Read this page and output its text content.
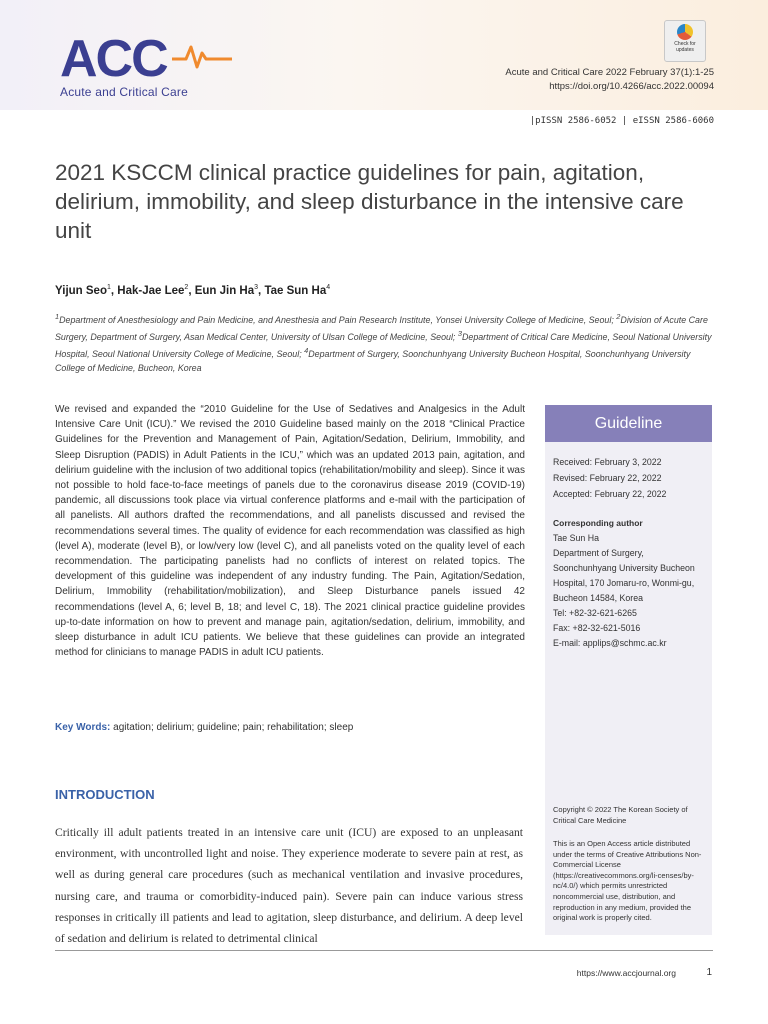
ACC
Acute and Critical Care
Check for updates
Acute and Critical Care 2022 February 37(1):1-25
https://doi.org/10.4266/acc.2022.00094
|pISSN 2586-6052 | eISSN 2586-6060
2021 KSCCM clinical practice guidelines for pain, agitation, delirium, immobility, and sleep disturbance in the intensive care unit
Yijun Seo$^1$, Hak-Jae Lee$^2$, Eun Jin Ha$^3$, Tae Sun Ha$^4$
$^1$Department of Anesthesiology and Pain Medicine, and Anesthesia and Pain Research Institute, Yonsei University College of Medicine, Seoul; $^2$Division of Acute Care Surgery, Department of Surgery, Asan Medical Center, University of Ulsan College of Medicine, Seoul; $^3$Department of Critical Care Medicine, Seoul National University Hospital, Seoul National University College of Medicine, Seoul; $^4$Department of Surgery, Soonchunhyang University Bucheon Hospital, Soonchunhyang University College of Medicine, Bucheon, Korea

We revised and expanded the “2010 Guideline for the Use of Sedatives and Analgesics in the Adult Intensive Care Unit (ICU).” We revised the 2010 Guideline based mainly on the 2018 “Clinical Practice Guidelines for the Prevention and Management of Pain, Agitation/Sedation, Delirium, Immobility, and Sleep Disruption (PADIS) in Adult Patients in the ICU,” which was an updated 2013 pain, agitation, and delirium guideline with the inclusion of two additional topics (rehabilitation/mobility and sleep). Since it was not possible to hold face-to-face meetings of panels due to the coronavirus disease 2019 (COVID-19) pandemic, all discussions took place via virtual conference platforms and e-mail with the participation of all panelists. All authors drafted the recommendations, and all panelists discussed and revised the recommendations several times. The quality of evidence for each recommendation was classified as high (level A), moderate (level B), or low/very low (level C), and all panelists voted on the quality level of each recommendation. The participating panelists had no conflicts of interest on related topics. The development of this guideline was independent of any industry funding. The Pain, Agitation/Sedation, Delirium, Immobility (rehabilitation/mobilization), and Sleep Disturbance panels issued 42 recommendations (level A, 6; level B, 18; and level C, 18). The 2021 clinical practice guideline provides up-to-date information on how to prevent and manage pain, agitation/sedation, delirium, immobility, and sleep disturbance in adult ICU patients. We believe that these guidelines can provide an integrated method for clinicians to manage PADIS in adult ICU patients.

Key Words: agitation; delirium; guideline; pain; rehabilitation; sleep
INTRODUCTION

Critically ill adult patients treated in an intensive care unit (ICU) are exposed to an unpleasant environment, with uncontrolled light and noise. They experience moderate to severe pain at rest, as well as during general care procedures (such as mechanical ventilation and invasive procedures, nursing care, and trauma or comorbidity-induced pain). Severe pain can induce various stress responses in critically ill patients and lead to agitation, sleep disturbance, and delirium. A deep level of sedation and delirium is related to detrimental clinical

Guideline
Received: February 3, 2022
Revised: February 22, 2022
Accepted: February 22, 2022
Corresponding author
Tae Sun Ha
Department of Surgery,
Soonchunhyang University Bucheon
Hospital, 170 Jomaru-ro, Wonmi-gu,
Bucheon 14584, Korea
Tel: +82-32-621-6265
Fax: +82-32-621-5016
E-mail: applips@schmc.ac.kr
Copyright © 2022 The Korean Society of Critical Care Medicine
This is an Open Access article distributed under the terms of Creative Attributions Non-Commercial License (https://creativecommons.org/li-censes/by-nc/4.0/) which permits unrestricted noncommercial use, distribution, and reproduction in any medium, provided the original work is properly cited.
https://www.accjournal.org	1
